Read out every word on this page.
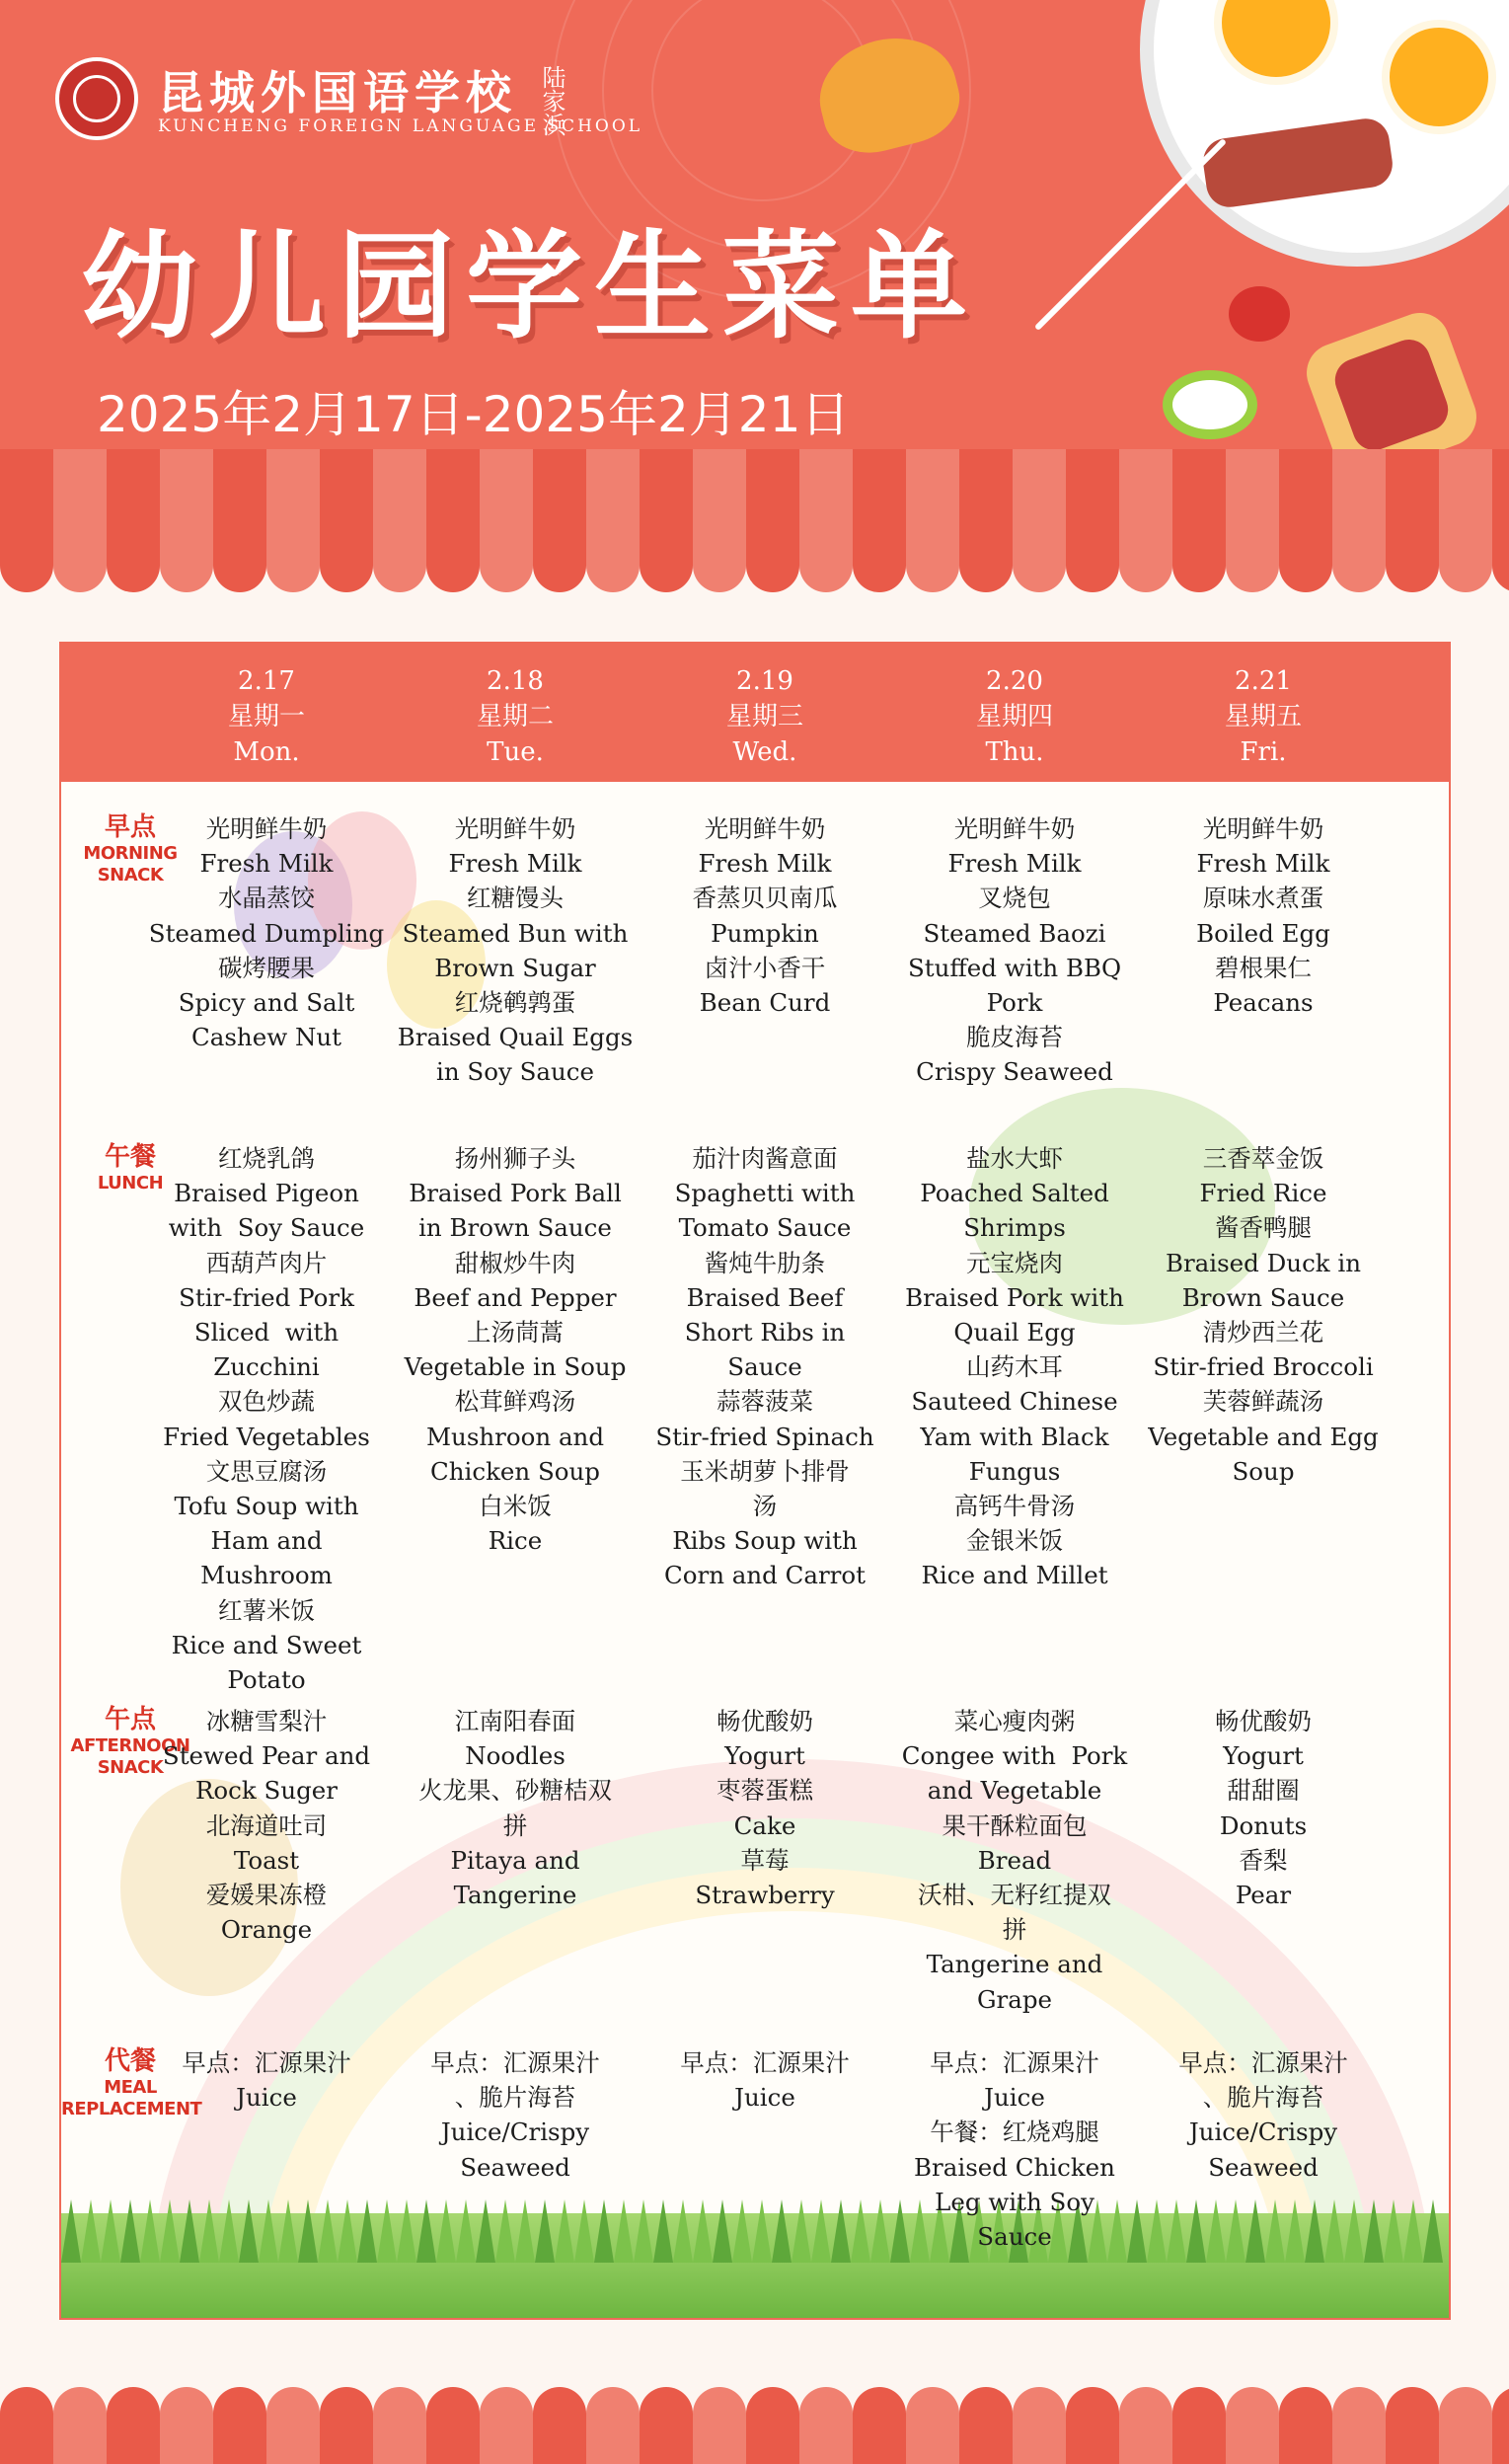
昆城外国语学校
KUNCHENG FOREIGN LANGUAGE SCHOOL
陆家浜
幼儿园学生菜单
2025年2月17日-2025年2月21日
2.17
星期一
Mon.
2.18
星期二
Tue.
2.19
星期三
Wed.
2.20
星期四
Thu.
2.21
星期五
Fri.
早点
MORNING
SNACK
光明鲜牛奶
Fresh Milk
水晶蒸饺
Steamed Dumpling
碳烤腰果
Spicy and Salt
Cashew Nut
光明鲜牛奶
Fresh Milk
红糖馒头
Steamed Bun with
Brown Sugar
红烧鹌鹑蛋
Braised Quail Eggs
in Soy Sauce
光明鲜牛奶
Fresh Milk
香蒸贝贝南瓜
Pumpkin
卤汁小香干
Bean Curd
光明鲜牛奶
Fresh Milk
叉烧包
Steamed Baozi
Stuffed with BBQ
Pork
脆皮海苔
Crispy Seaweed
光明鲜牛奶
Fresh Milk
原味水煮蛋
Boiled Egg
碧根果仁
Peacans
午餐
LUNCH
红烧乳鸽
Braised Pigeon
with  Soy Sauce
西葫芦肉片
Stir-fried Pork
Sliced  with
Zucchini
双色炒蔬
Fried Vegetables
文思豆腐汤
Tofu Soup with
Ham and
Mushroom
红薯米饭
Rice and Sweet
Potato
扬州狮子头
Braised Pork Ball
in Brown Sauce
甜椒炒牛肉
Beef and Pepper
上汤茼蒿
Vegetable in Soup
松茸鲜鸡汤
Mushroon and
Chicken Soup
白米饭
Rice
茄汁肉酱意面
Spaghetti with
Tomato Sauce
酱炖牛肋条
Braised Beef
Short Ribs in
Sauce
蒜蓉菠菜
Stir-fried Spinach
玉米胡萝卜排骨
汤
Ribs Soup with
Corn and Carrot
盐水大虾
Poached Salted
Shrimps
元宝烧肉
Braised Pork with
Quail Egg
山药木耳
Sauteed Chinese
Yam with Black
Fungus
高钙牛骨汤
金银米饭
Rice and Millet
三香萃金饭
Fried Rice
酱香鸭腿
Braised Duck in
Brown Sauce
清炒西兰花
Stir-fried Broccoli
芙蓉鲜蔬汤
Vegetable and Egg
Soup
午点
AFTERNOON
SNACK
冰糖雪梨汁
Stewed Pear and
Rock Suger
北海道吐司
Toast
爱媛果冻橙
Orange
江南阳春面
Noodles
火龙果、砂糖桔双
拼
Pitaya and
Tangerine
畅优酸奶
Yogurt
枣蓉蛋糕
Cake
草莓
Strawberry
菜心瘦肉粥
Congee with  Pork
and Vegetable
果干酥粒面包
Bread
沃柑、无籽红提双
拼
Tangerine and
Grape
畅优酸奶
Yogurt
甜甜圈
Donuts
香梨
Pear
代餐
MEAL
REPLACEMENT
早点：汇源果汁
Juice
早点：汇源果汁
、脆片海苔
Juice/Crispy
Seaweed
早点：汇源果汁
Juice
早点：汇源果汁
Juice
午餐：红烧鸡腿
Braised Chicken
Leg with Soy
Sauce
早点：汇源果汁
、脆片海苔
Juice/Crispy
Seaweed
